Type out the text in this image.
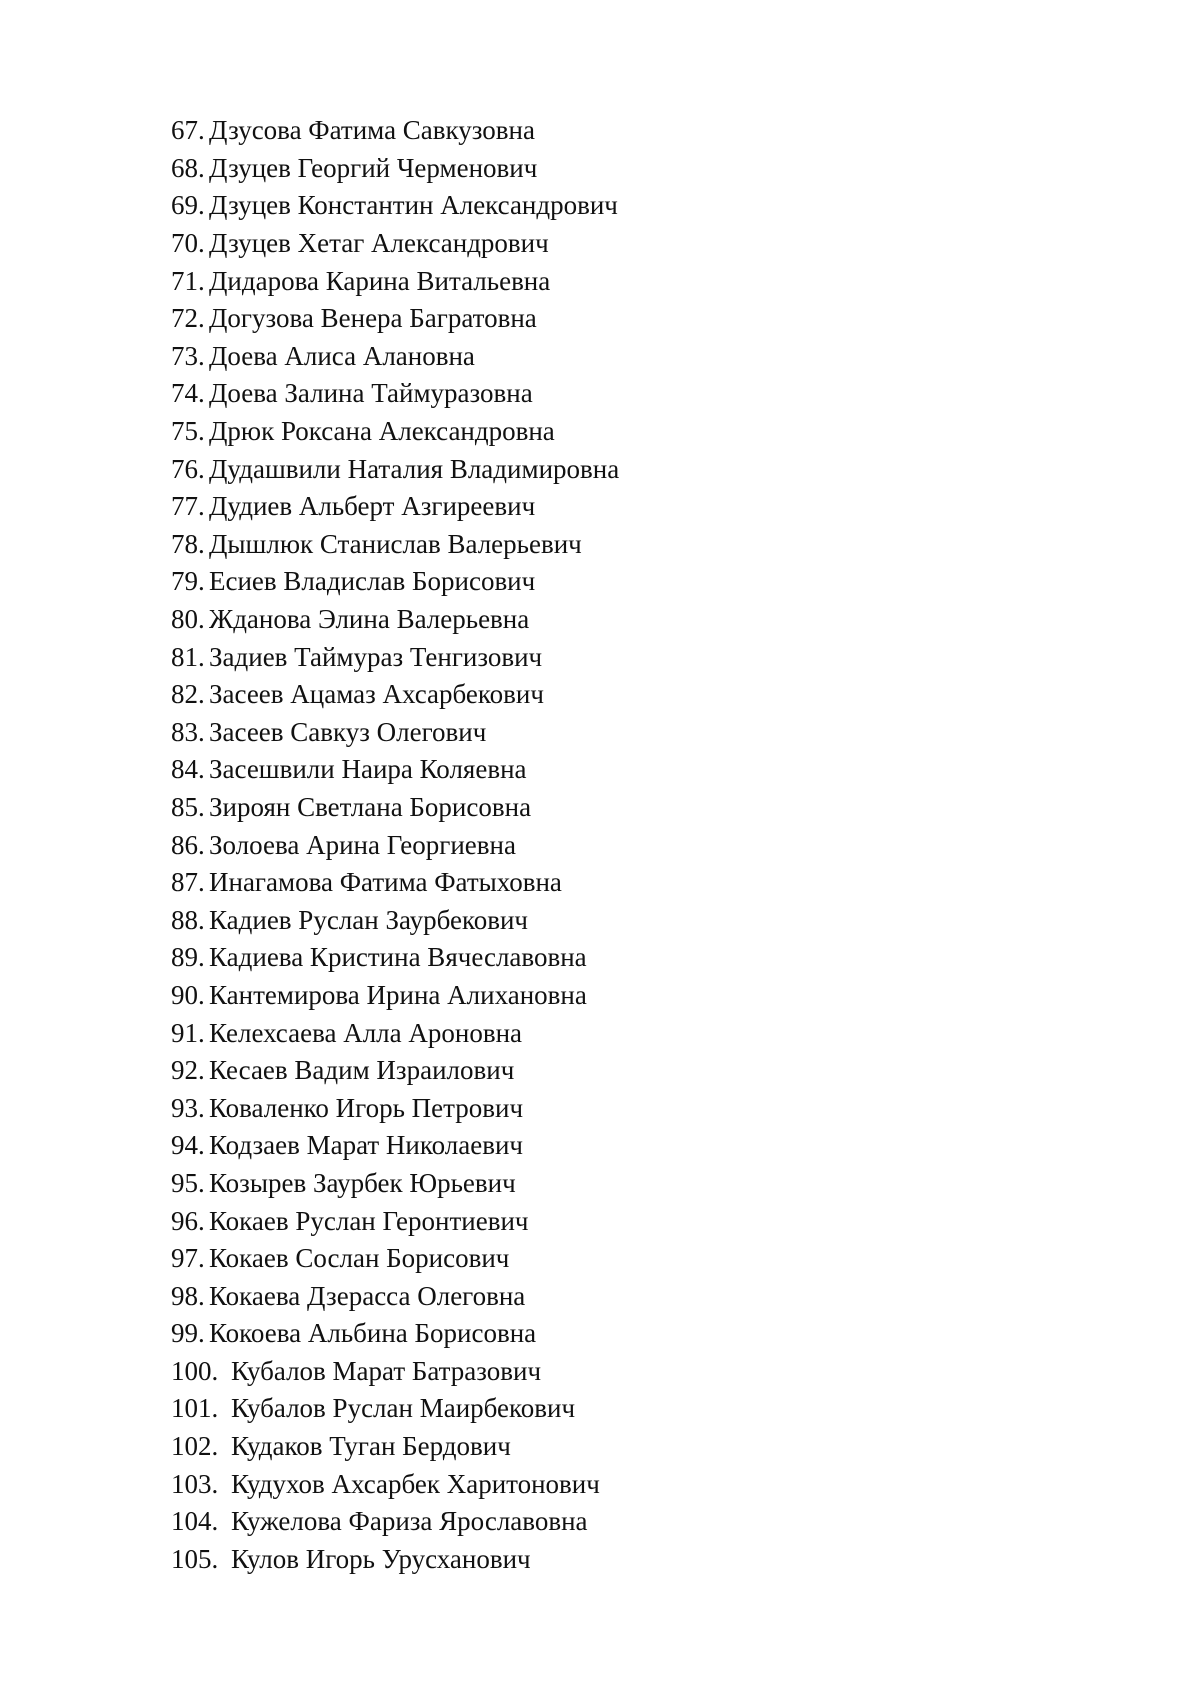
67. Дзусова Фатима Савкузовна
68. Дзуцев Георгий Черменович
69. Дзуцев Константин Александрович
70. Дзуцев Хетаг Александрович
71. Дидарова Карина Витальевна
72. Догузова Венера Багратовна
73. Доева Алиса Алановна
74. Доева Залина Таймуразовна
75. Дрюк Роксана Александровна
76. Дудашвили Наталия Владимировна
77. Дудиев Альберт Азгиреевич
78. Дышлюк Станислав Валерьевич
79. Есиев Владислав Борисович
80. Жданова Элина Валерьевна
81. Задиев Таймураз Тенгизович
82. Засеев Ацамаз Ахсарбекович
83. Засеев Савкуз Олегович
84. Засешвили Наира Коляевна
85. Зироян Светлана Борисовна
86. Золоева Арина Георгиевна
87. Инагамова Фатима Фатыховна
88. Кадиев Руслан Заурбекович
89. Кадиева Кристина Вячеславовна
90. Кантемирова Ирина Алихановна
91. Келехсаева Алла Ароновна
92. Кесаев Вадим Израилович
93. Коваленко Игорь Петрович
94. Кодзаев Марат Николаевич
95. Козырев Заурбек Юрьевич
96. Кокаев Руслан Геронтиевич
97. Кокаев Сослан Борисович
98. Кокаева Дзерасса Олеговна
99. Кокоева Альбина Борисовна
100. Кубалов Марат Батразович
101. Кубалов Руслан Маирбекович
102. Кудаков Туган Бердович
103. Кудухов Ахсарбек Харитонович
104. Кужелова Фариза Ярославовна
105. Кулов Игорь Урусханович
